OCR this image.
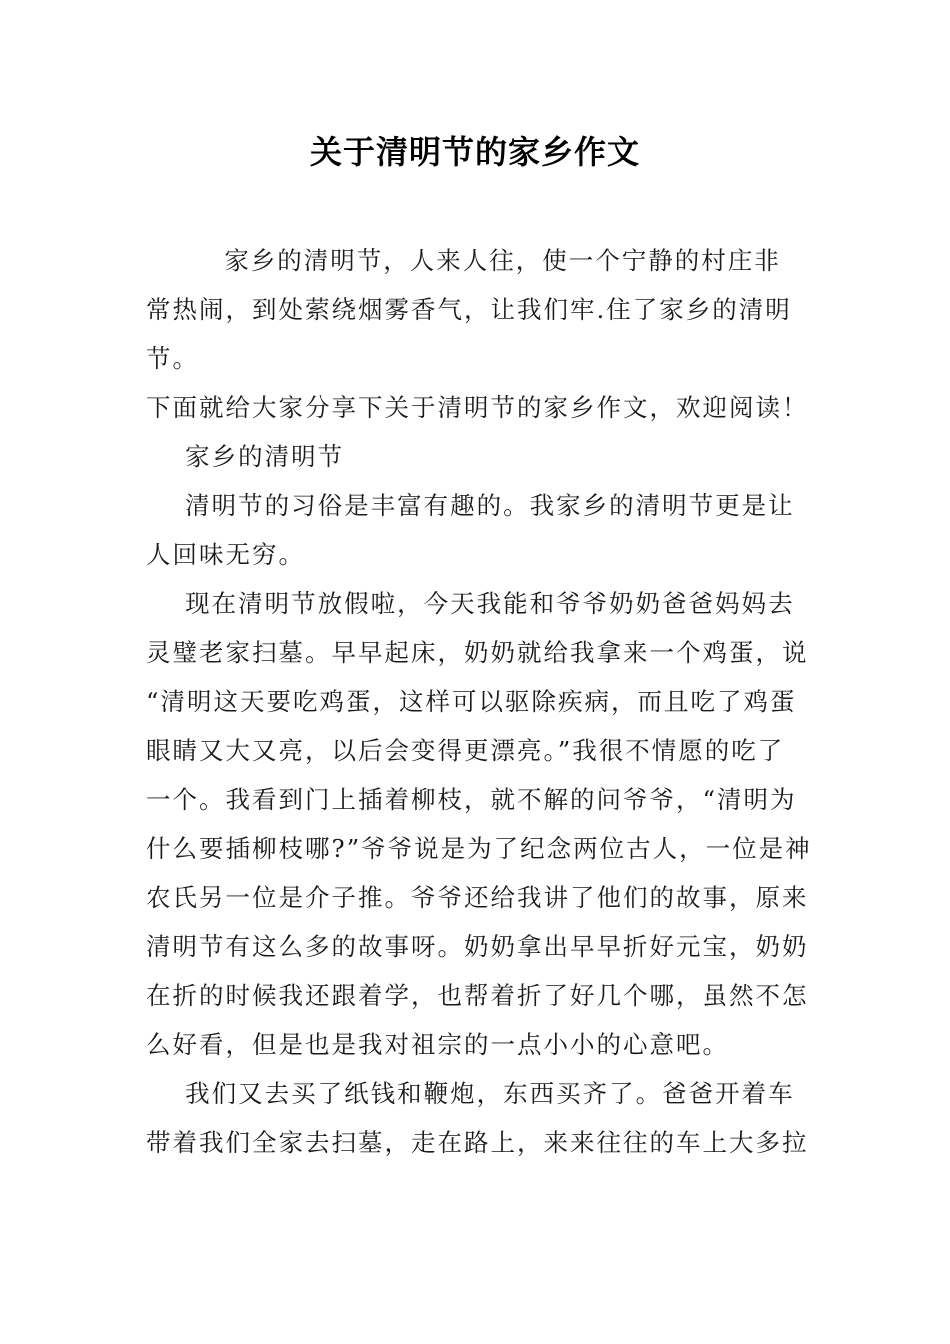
关于清明节的家乡作文

家乡的清明节，人来人往，使一个宁静的村庄非

常热闹，到处萦绕烟雾香气，让我们牢.住了家乡的清明节。

下面就给大家分享下关于清明节的家乡作文，欢迎阅读！

家乡的清明节

清明节的习俗是丰富有趣的。我家乡的清明节更是让

人回味无穷。

现在清明节放假啦，今天我能和爷爷奶奶爸爸妈妈去

灵璧老家扫墓。早早起床，奶奶就给我拿来一个鸡蛋，说

“清明这天要吃鸡蛋，这样可以驱除疾病，而且吃了鸡蛋

眼睛又大又亮，以后会变得更漂亮。”我很不情愿的吃了

一个。我看到门上插着柳枝，就不解的问爷爷，“清明为

什么要插柳枝哪?”爷爷说是为了纪念两位古人，一位是神

农氏另一位是介子推。爷爷还给我讲了他们的故事，原来

清明节有这么多的故事呀。奶奶拿出早早折好元宝，奶奶

在折的时候我还跟着学，也帮着折了好几个哪，虽然不怎

么好看，但是也是我对祖宗的一点小小的心意吧。

我们又去买了纸钱和鞭炮，东西买齐了。爸爸开着车

带着我们全家去扫墓，走在路上，来来往往的车上大多拉
